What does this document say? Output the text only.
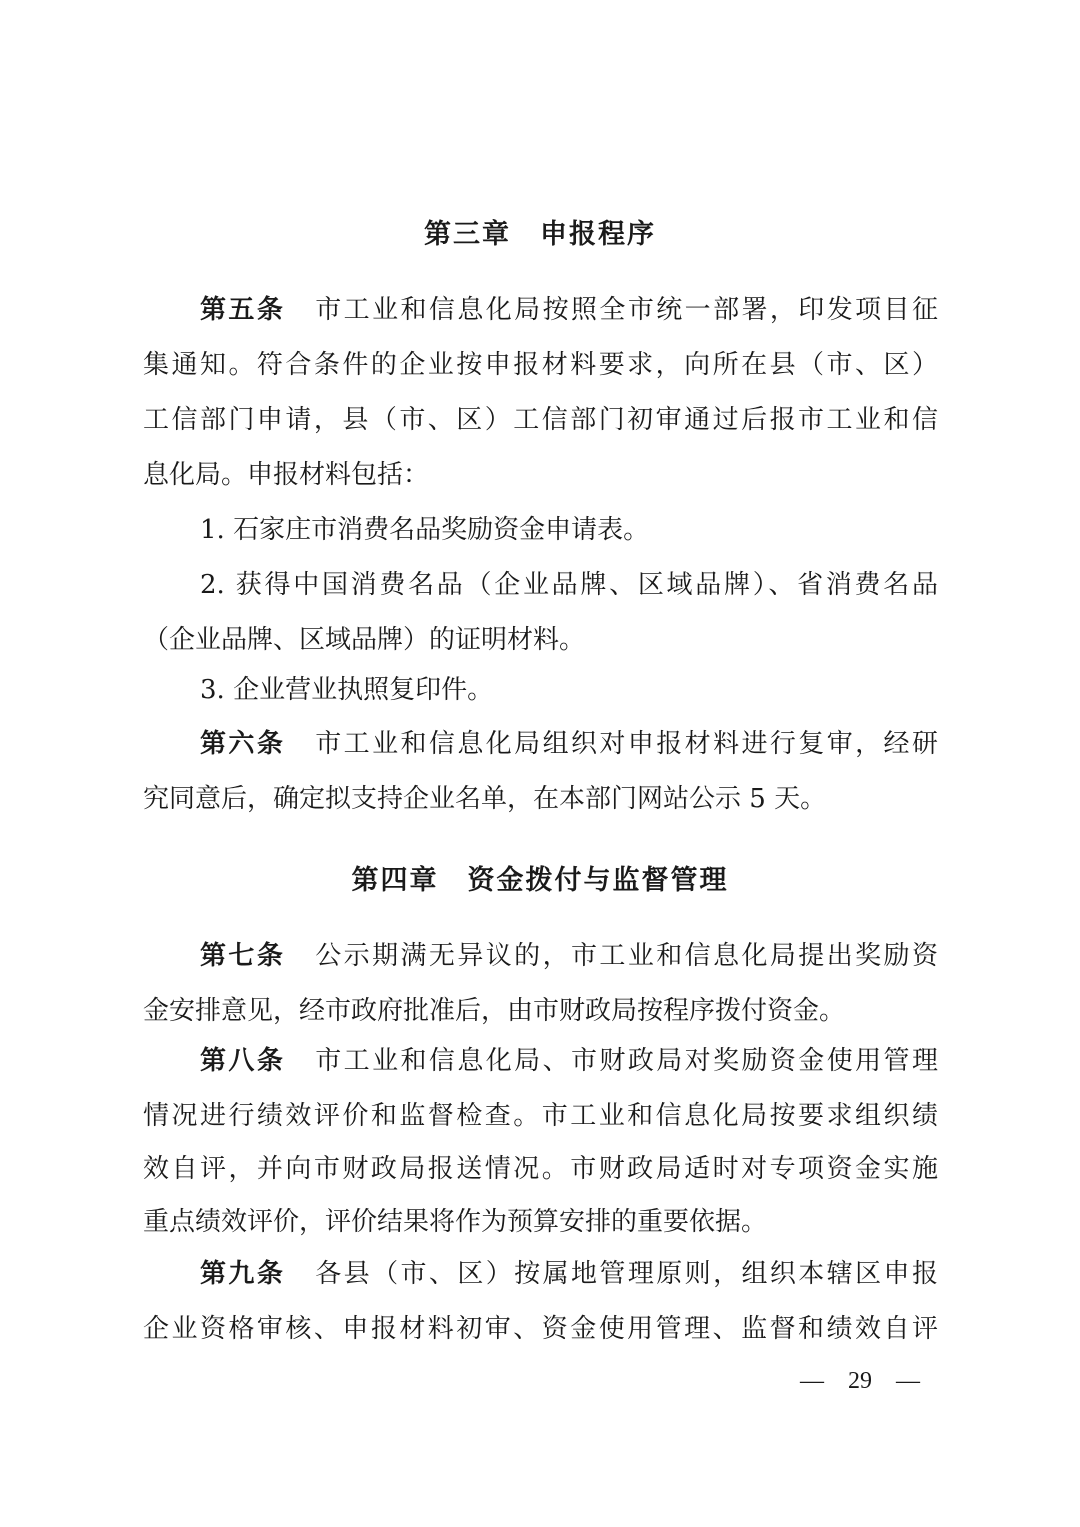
第三章　申报程序
第五条 市工业和信息化局按照全市统一部署，印发项目征
集通知。符合条件的企业按申报材料要求，向所在县（市、区）
工信部门申请，县（市、区）工信部门初审通过后报市工业和信
息化局。申报材料包括：
1. 石家庄市消费名品奖励资金申请表。
2. 获得中国消费名品（企业品牌、区域品牌）、省消费名品
（企业品牌、区域品牌）的证明材料。
3. 企业营业执照复印件。
第六条 市工业和信息化局组织对申报材料进行复审，经研
究同意后，确定拟支持企业名单，在本部门网站公示 5 天。
第四章　资金拨付与监督管理
第七条 公示期满无异议的，市工业和信息化局提出奖励资
金安排意见，经市政府批准后，由市财政局按程序拨付资金。
第八条 市工业和信息化局、市财政局对奖励资金使用管理
情况进行绩效评价和监督检查。市工业和信息化局按要求组织绩
效自评，并向市财政局报送情况。市财政局适时对专项资金实施
重点绩效评价，评价结果将作为预算安排的重要依据。
第九条 各县（市、区）按属地管理原则，组织本辖区申报
企业资格审核、申报材料初审、资金使用管理、监督和绩效自评
—　29　—
